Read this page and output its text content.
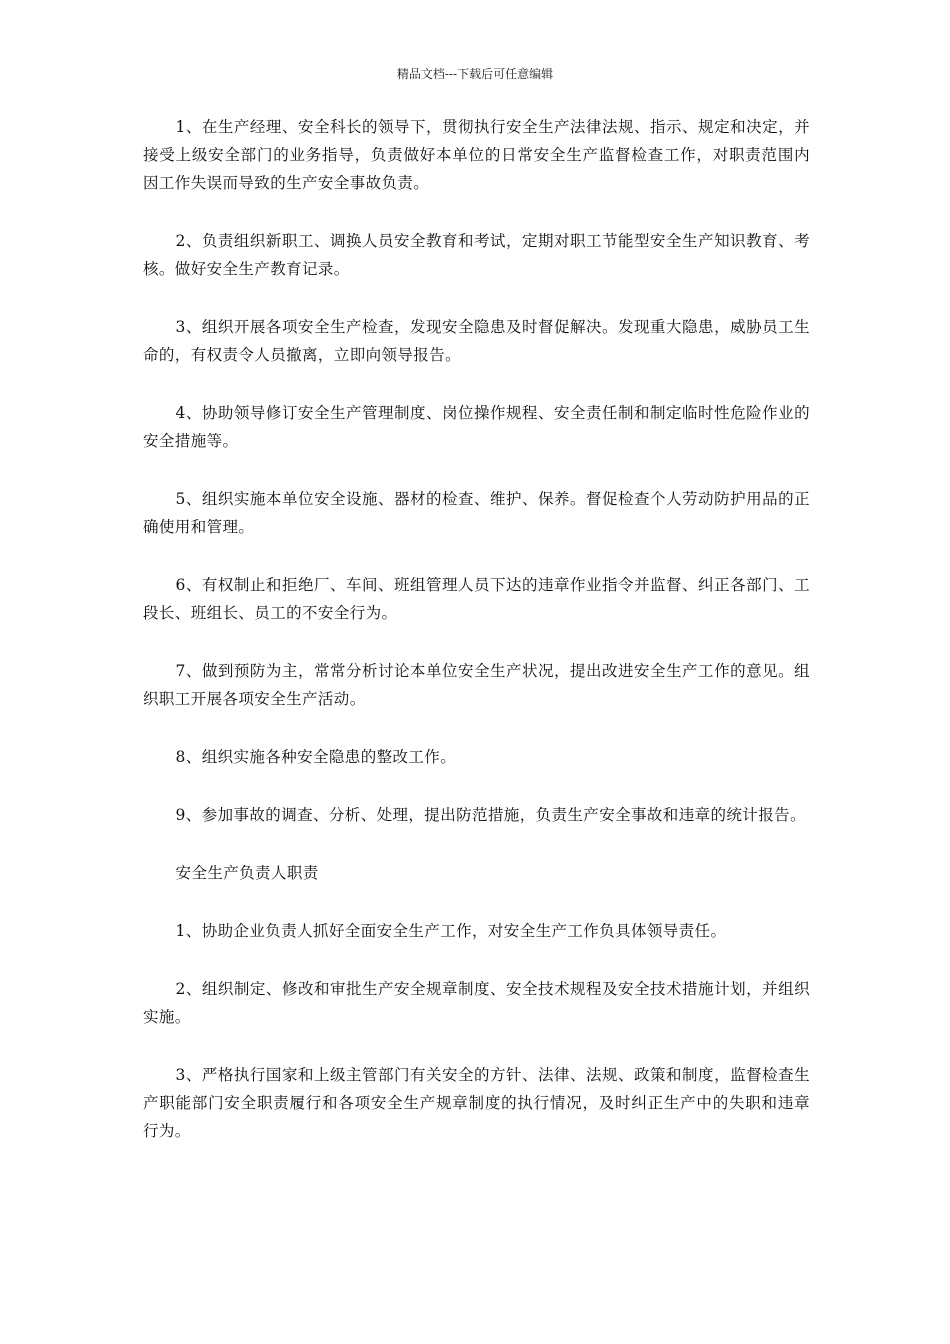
精品文档---下载后可任意编辑

1、在生产经理、安全科长的领导下，贯彻执行安全生产法律法规、指示、规定和决定，并接受上级安全部门的业务指导，负责做好本单位的日常安全生产监督检查工作，对职责范围内因工作失误而导致的生产安全事故负责。

2、负责组织新职工、调换人员安全教育和考试，定期对职工节能型安全生产知识教育、考核。做好安全生产教育记录。

3、组织开展各项安全生产检查，发现安全隐患及时督促解决。发现重大隐患，威胁员工生命的，有权责令人员撤离，立即向领导报告。

4、协助领导修订安全生产管理制度、岗位操作规程、安全责任制和制定临时性危险作业的安全措施等。

5、组织实施本单位安全设施、器材的检查、维护、保养。督促检查个人劳动防护用品的正确使用和管理。

6、有权制止和拒绝厂、车间、班组管理人员下达的违章作业指令并监督、纠正各部门、工段长、班组长、员工的不安全行为。

7、做到预防为主，常常分析讨论本单位安全生产状况，提出改进安全生产工作的意见。组织职工开展各项安全生产活动。

8、组织实施各种安全隐患的整改工作。

9、参加事故的调查、分析、处理，提出防范措施，负责生产安全事故和违章的统计报告。

安全生产负责人职责

1、协助企业负责人抓好全面安全生产工作，对安全生产工作负具体领导责任。

2、组织制定、修改和审批生产安全规章制度、安全技术规程及安全技术措施计划，并组织实施。

3、严格执行国家和上级主管部门有关安全的方针、法律、法规、政策和制度，监督检查生产职能部门安全职责履行和各项安全生产规章制度的执行情况，及时纠正生产中的失职和违章行为。
